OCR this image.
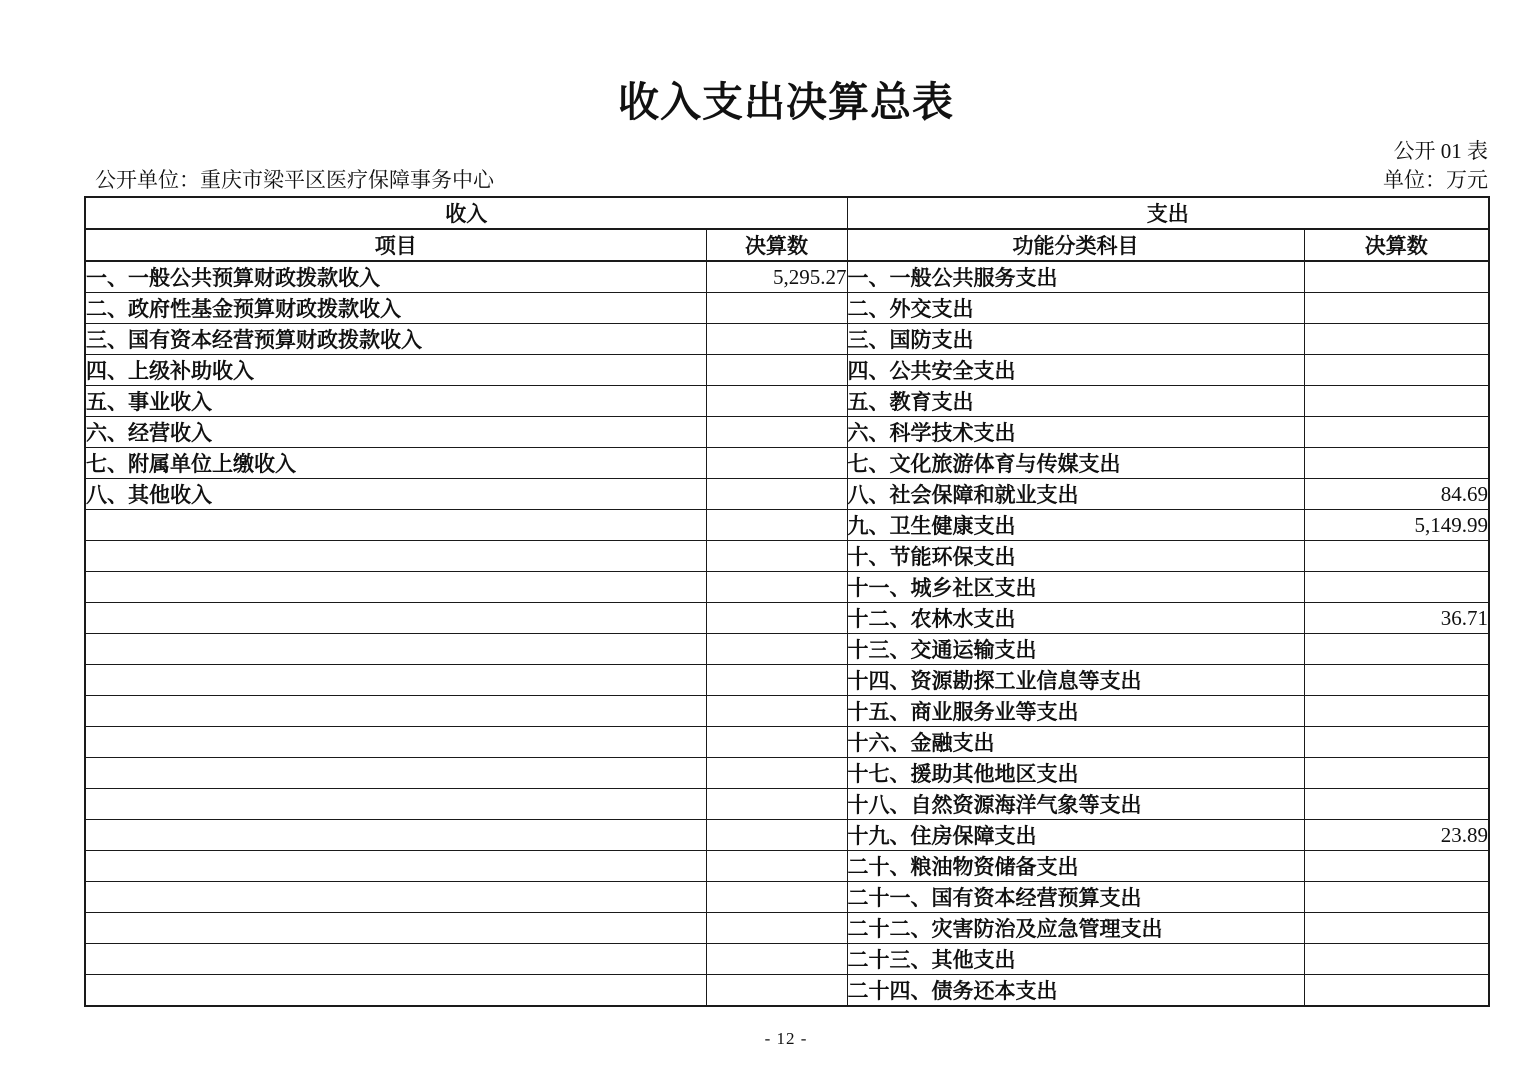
收入支出决算总表
公开 01 表
公开单位：重庆市梁平区医疗保障事务中心	单位：万元
收入		支出	
项目	决算数	功能分类科目	决算数
一、一般公共预算财政拨款收入	5,295.27	一、一般公共服务支出	
二、政府性基金预算财政拨款收入		二、外交支出	
三、国有资本经营预算财政拨款收入		三、国防支出	
四、上级补助收入		四、公共安全支出	
五、事业收入		五、教育支出	
六、经营收入		六、科学技术支出	
七、附属单位上缴收入		七、文化旅游体育与传媒支出	
八、其他收入		八、社会保障和就业支出	84.69
		九、卫生健康支出	5,149.99
		十、节能环保支出	
		十一、城乡社区支出	
		十二、农林水支出	36.71
		十三、交通运输支出	
		十四、资源勘探工业信息等支出	
		十五、商业服务业等支出	
		十六、金融支出	
		十七、援助其他地区支出	
		十八、自然资源海洋气象等支出	
		十九、住房保障支出	23.89
		二十、粮油物资储备支出	
		二十一、国有资本经营预算支出	
		二十二、灾害防治及应急管理支出	
		二十三、其他支出	
		二十四、债务还本支出	
- 12 -
